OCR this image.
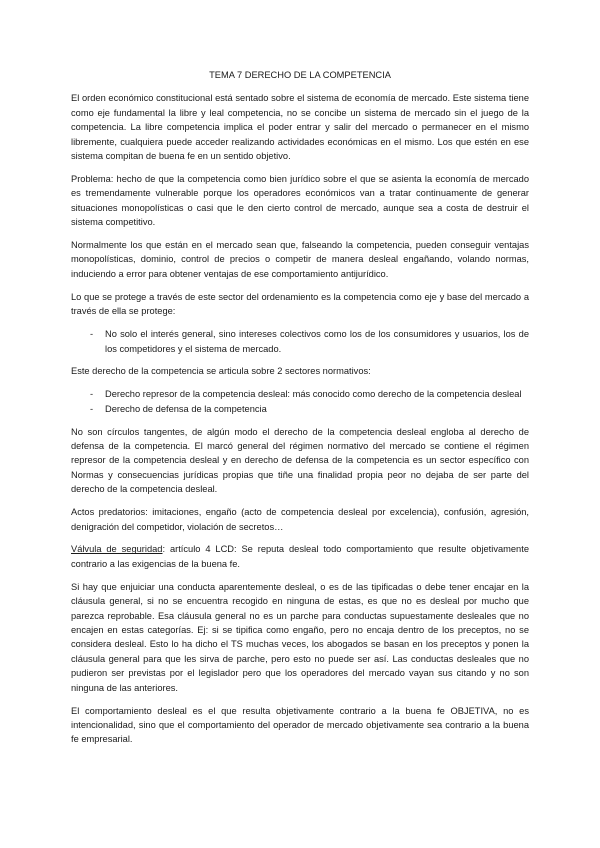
TEMA 7 DERECHO DE LA COMPETENCIA

El orden económico constitucional está sentado sobre el sistema de economía de mercado. Este sistema tiene como eje fundamental la libre y leal competencia, no se concibe un sistema de mercado sin el juego de la competencia. La libre competencia implica el poder entrar y salir del mercado o permanecer en el mismo libremente, cualquiera puede acceder realizando actividades económicas en el mismo. Los que estén en ese sistema compitan de buena fe en un sentido objetivo.

Problema: hecho de que la competencia como bien jurídico sobre el que se asienta la economía de mercado es tremendamente vulnerable porque los operadores económicos van a tratar continuamente de generar situaciones monopolísticas o casi que le den cierto control de mercado, aunque sea a costa de destruir el sistema competitivo.

Normalmente los que están en el mercado sean que, falseando la competencia, pueden conseguir ventajas monopolísticas, dominio, control de precios o competir de manera desleal engañando, volando normas, induciendo a error para obtener ventajas de ese comportamiento antijurídico.

Lo que se protege a través de este sector del ordenamiento es la competencia como eje y base del mercado a través de ella se protege:

- No solo el interés general, sino intereses colectivos como los de los consumidores y usuarios, los de los competidores y el sistema de mercado.

Este derecho de la competencia se articula sobre 2 sectores normativos:

- Derecho represor de la competencia desleal: más conocido como derecho de la competencia desleal
- Derecho de defensa de la competencia

No son círculos tangentes, de algún modo el derecho de la competencia desleal engloba al derecho de defensa de la competencia. El marcó general del régimen normativo del mercado se contiene el régimen represor de la competencia desleal y en derecho de defensa de la competencia es un sector específico con Normas y consecuencias jurídicas propias que tiñe una finalidad propia peor no dejaba de ser parte del derecho de la competencia desleal.

Actos predatorios: imitaciones, engaño (acto de competencia desleal por excelencia), confusión, agresión, denigración del competidor, violación de secretos…

Válvula de seguridad: artículo 4 LCD: Se reputa desleal todo comportamiento que resulte objetivamente contrario a las exigencias de la buena fe.

Si hay que enjuiciar una conducta aparentemente desleal, o es de las tipificadas o debe tener encajar en la cláusula general, si no se encuentra recogido en ninguna de estas, es que no es desleal por mucho que parezca reprobable. Esa cláusula general no es un parche para conductas supuestamente desleales que no encajen en estas categorías. Ej: si se tipifica como engaño, pero no encaja dentro de los preceptos, no se considera desleal. Esto lo ha dicho el TS muchas veces, los abogados se basan en los preceptos y ponen la cláusula general para que les sirva de parche, pero esto no puede ser así. Las conductas desleales que no pudieron ser previstas por el legislador pero que los operadores del mercado vayan sus citando y no son ninguna de las anteriores.

El comportamiento desleal es el que resulta objetivamente contrario a la buena fe OBJETIVA, no es intencionalidad, sino que el comportamiento del operador de mercado objetivamente sea contrario a la buena fe empresarial.
